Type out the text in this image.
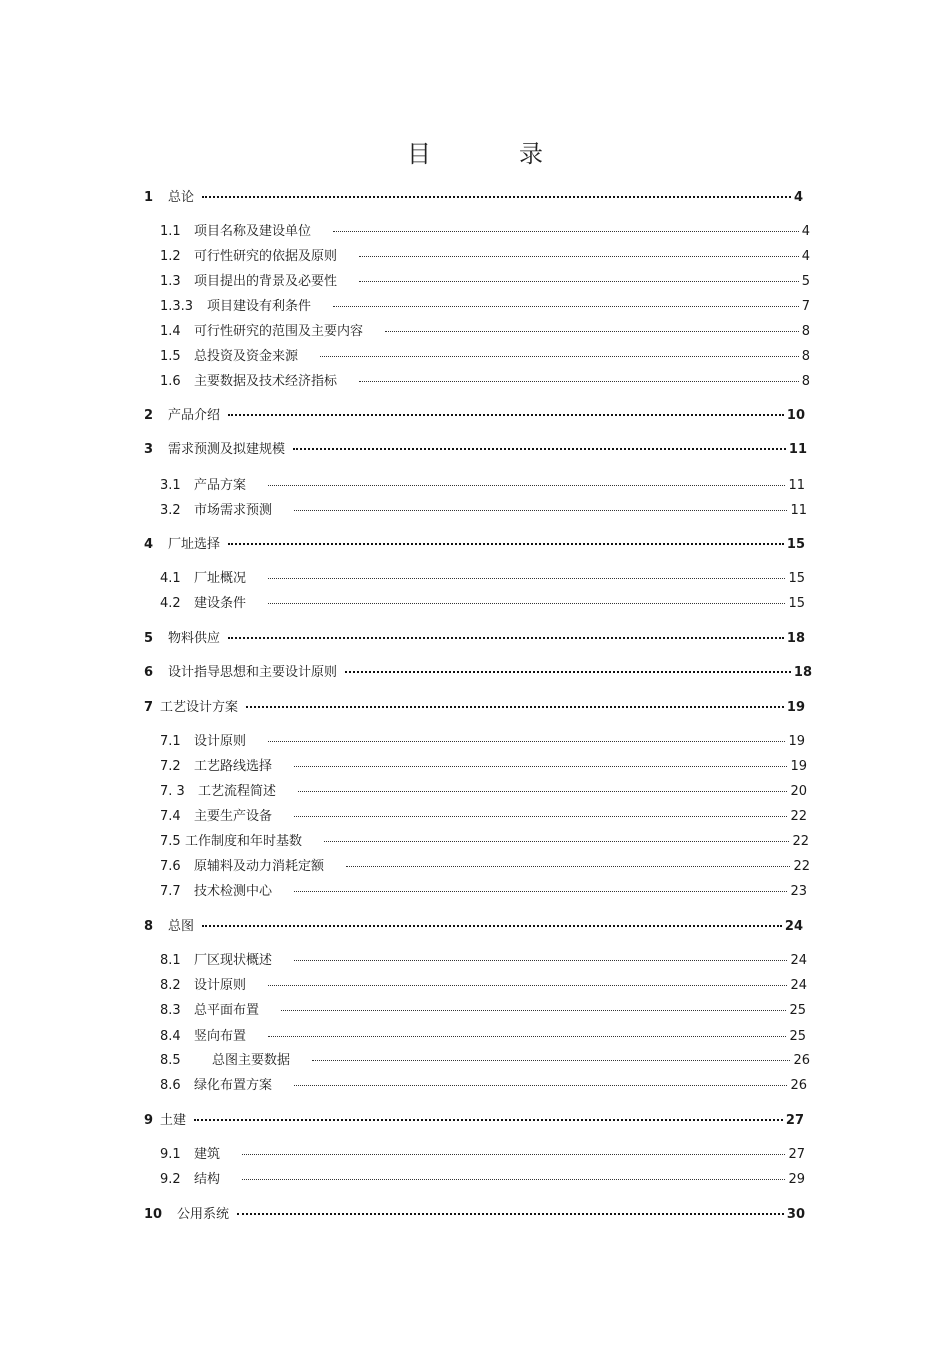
目　录
1	总论	4
1.1	项目名称及建设单位	4
1.2	可行性研究的依据及原则	4
1.3	项目提出的背景及必要性	5
1.3.3	项目建设有利条件	7
1.4	可行性研究的范围及主要内容	8
1.5	总投资及资金来源	8
1.6	主要数据及技术经济指标	8
2	产品介绍	10
3	需求预测及拟建规模	11
3.1	产品方案	11
3.2	市场需求预测	11
4	厂址选择	15
4.1	厂址概况	15
4.2	建设条件	15
5	物料供应	18
6	设计指导思想和主要设计原则	18
7 工艺设计方案	19
7.1	设计原则	19
7.2	工艺路线选择	19
7. 3	工艺流程简述	20
7.4	主要生产设备	22
7.5 工作制度和年时基数	22
7.6	原辅料及动力消耗定额	22
7.7	技术检测中心	23
8	总图	24
8.1	厂区现状概述	24
8.2	设计原则	24
8.3	总平面布置	25
8.4	竖向布置	25
8.5	总图主要数据	26
8.6	绿化布置方案	26
9 土建	27
9.1	建筑	27
9.2	结构	29
10	公用系统	30
